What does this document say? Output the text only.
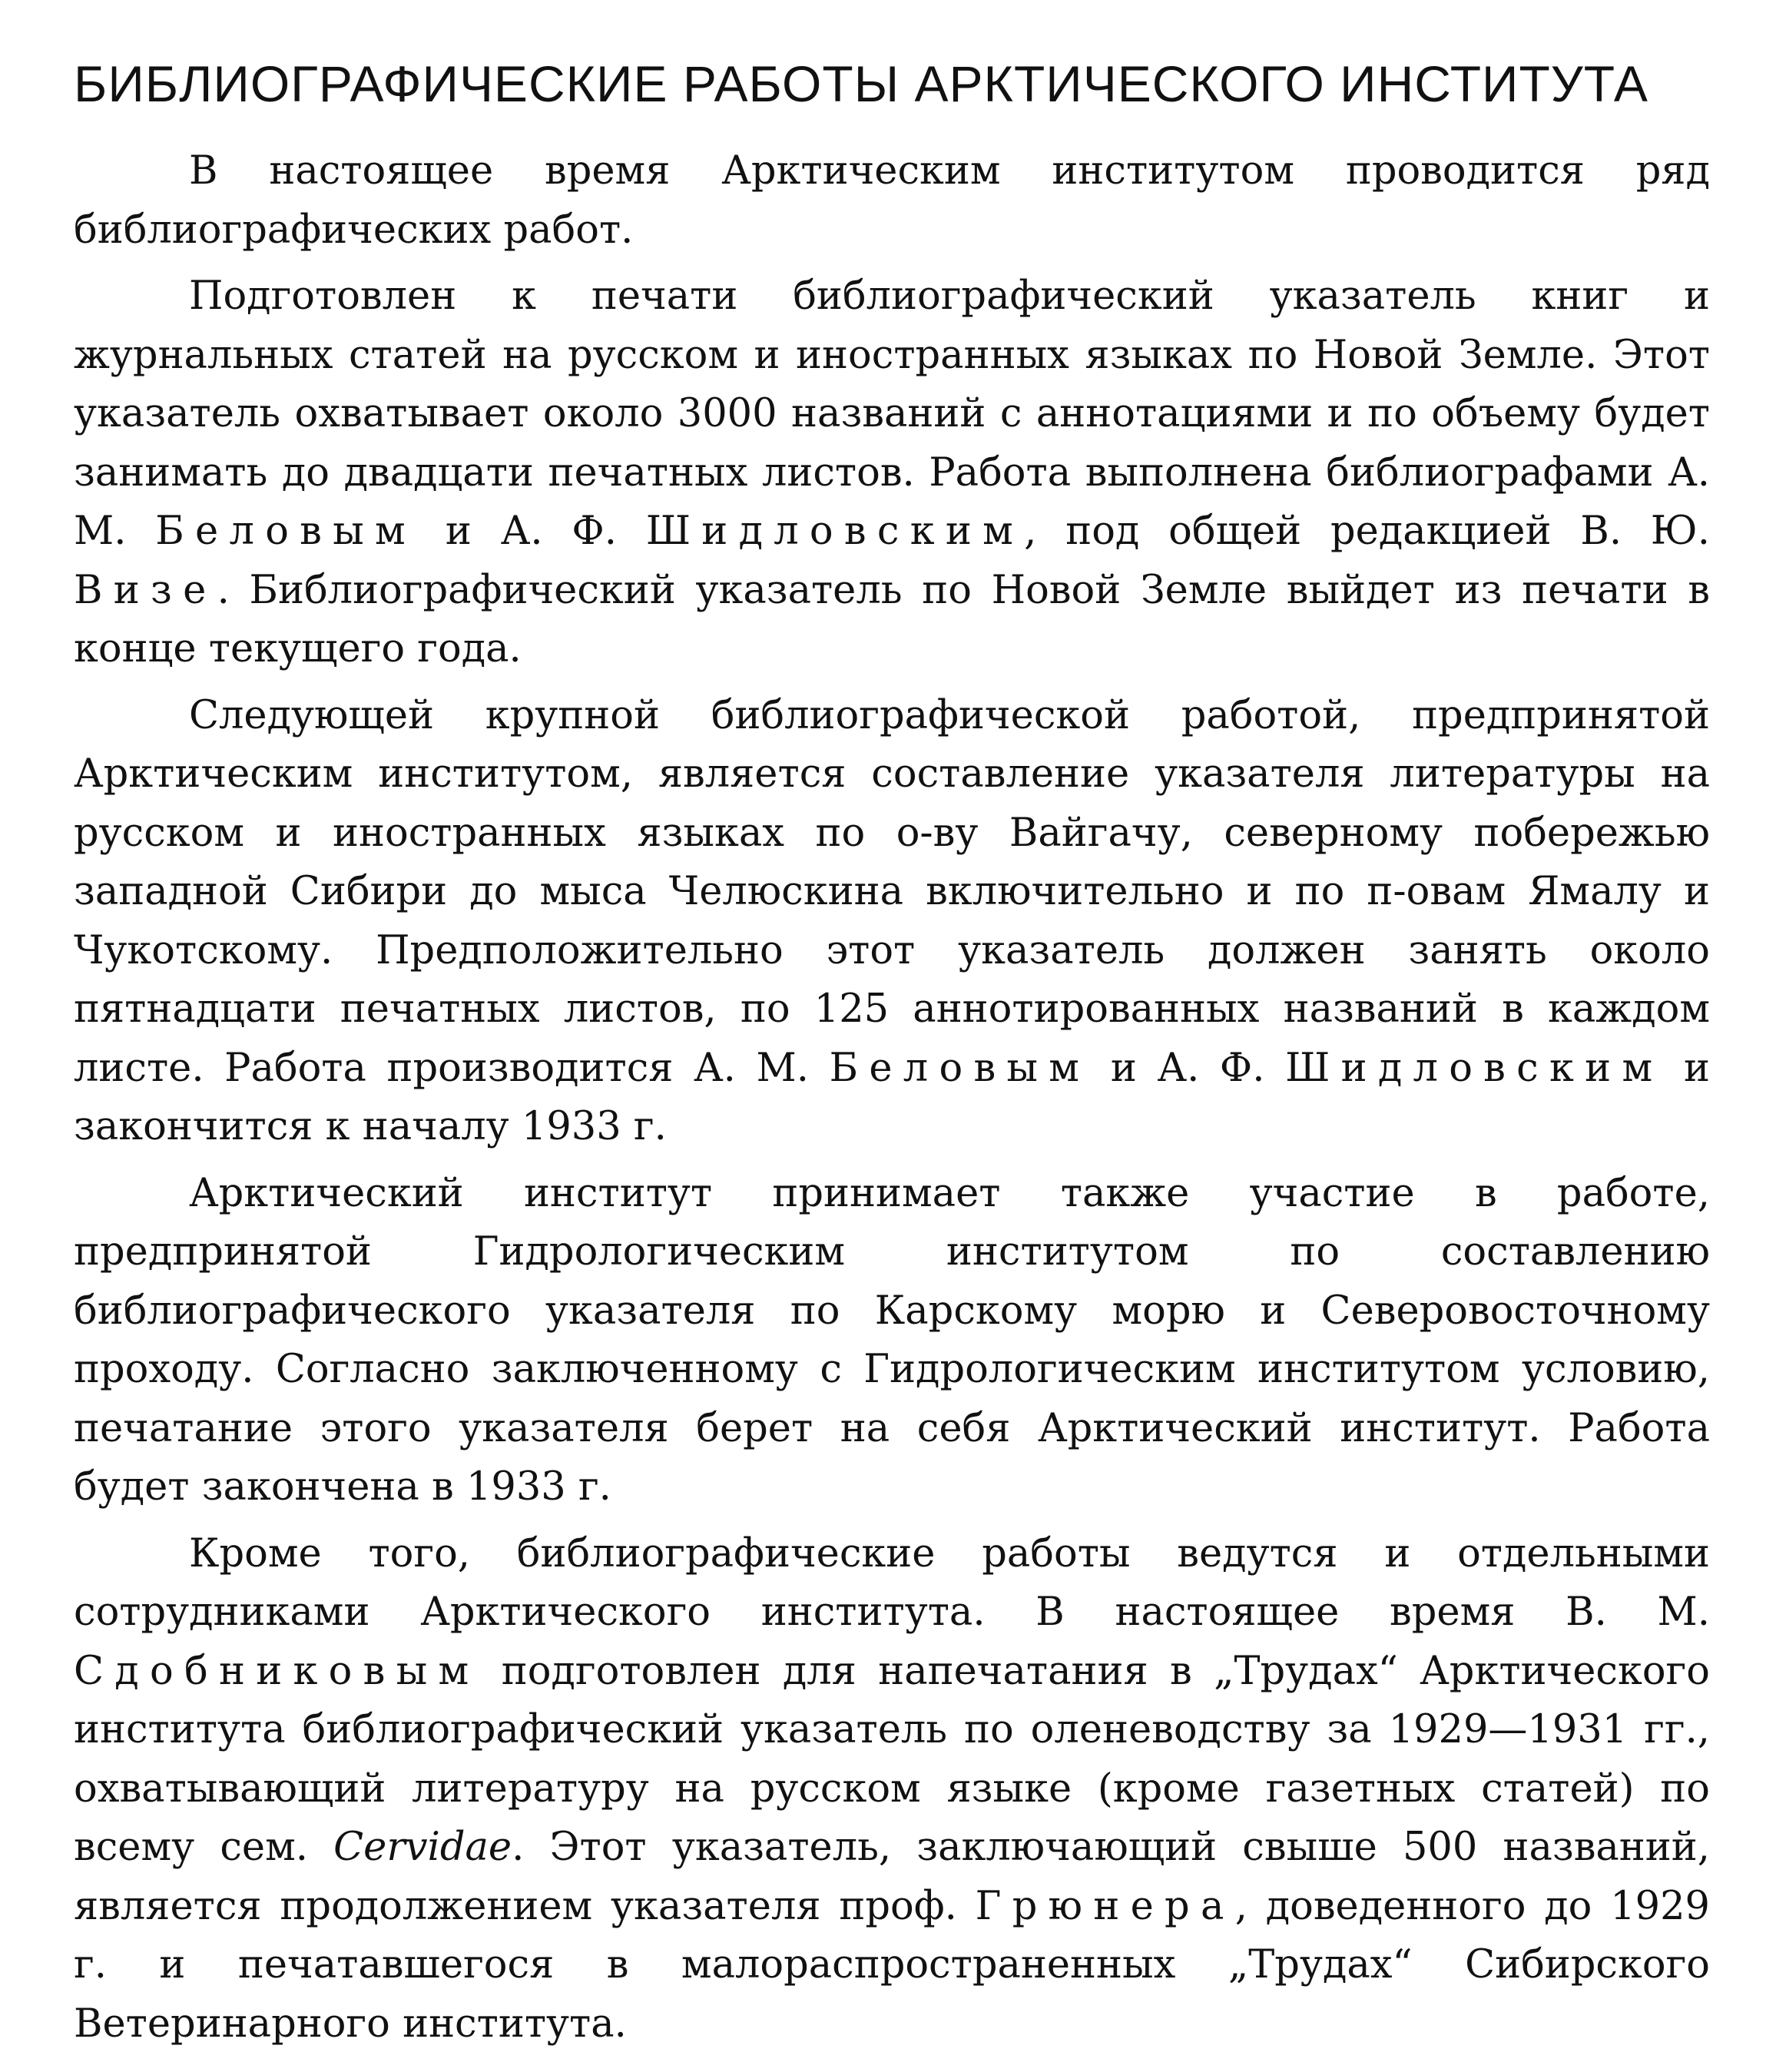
БИБЛИОГРАФИЧЕСКИЕ РАБОТЫ АРКТИЧЕСКОГО ИНСТИТУТА

В настоящее время Арктическим институтом проводится ряд библиографических работ.

Подготовлен к печати библиографический указатель книг и журнальных статей на русском и иностранных языках по Новой Земле. Этот указатель охватывает около 3000 названий с аннотациями и по объему будет занимать до двадцати печатных листов. Работа выполнена библиографами А. М. Беловым и А. Ф. Шидловским, под общей редакцией В. Ю. Визе. Библиографический указатель по Новой Земле выйдет из печати в конце текущего года.

Следующей крупной библиографической работой, предпринятой Арктическим институтом, является составление указателя литературы на русском и иностранных языках по о-ву Вайгачу, северному побережью западной Сибири до мыса Челюскина включительно и по п-овам Ямалу и Чукотскому. Предположительно этот указатель должен занять около пятнадцати печатных листов, по 125 аннотированных названий в каждом листе. Работа производится А. М. Беловым и А. Ф. Шидловским и закончится к началу 1933 г.

Арктический институт принимает также участие в работе, предпринятой Гидрологическим институтом по составлению библиографического указателя по Карскому морю и Северовосточному проходу. Согласно заключенному с Гидрологическим институтом условию, печатание этого указателя берет на себя Арктический институт. Работа будет закончена в 1933 г.

Кроме того, библиографические работы ведутся и отдельными сотрудниками Арктического института. В настоящее время В. М. Сдобниковым подготовлен для напечатания в „Трудах“ Арктического института библиографический указатель по оленеводству за 1929—1931 гг., охватывающий литературу на русском языке (кроме газетных статей) по всему сем. Cervidae. Этот указатель, заключающий свыше 500 названий, является продолжением указателя проф. Грюнера, доведенного до 1929 г. и печатавшегося в малораспространенных „Трудах“ Сибирского Ветеринарного института.
